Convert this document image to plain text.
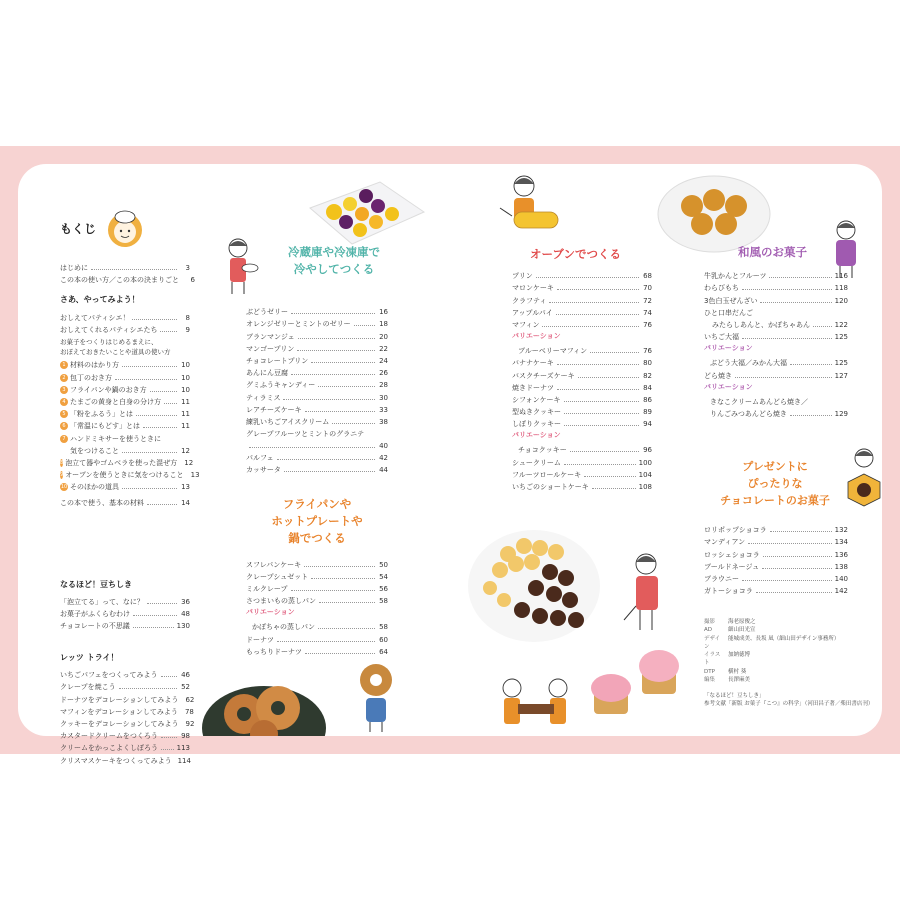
もくじ
はじめに	3
この本の使い方／この本の決まりごと	6
さあ、やってみよう！
おしえてパティシエ！	8
おしえてくれるパティシエたち	9
お菓子をつくりはじめるまえに、
おぼえておきたいことや道具の使い方
1 材料のはかり方	10
2 包丁のおき方	10
3 フライパンや鍋のおき方	10
4 たまごの黄身と白身の分け方	11
5 「粉をふるう」とは	11
6 「常温にもどす」とは	11
7 ハンドミキサーを使うときに
気をつけること	12
8 泡立て器やゴムベラを使った混ぜ方 12
9 オーブンを使うときに気をつけること 13
10 そのほかの道具	13
この本で使う、基本の材料	14
なるほど！豆ちしき
「泡立てる」って、なに？	36
お菓子がふくらむわけ	48
チョコレートの不思議	130
レッツ トライ！
いちごパフェをつくってみよう	46
クレープを焼こう	52
ドーナツをデコレーションしてみよう 62
マフィンをデコレーションしてみよう 78
クッキーをデコレーションしてみよう 92
カスタードクリームをつくろう	98
クリームをかっこよくしぼろう	113
クリスマスケーキをつくってみよう 114
冷蔵庫や冷凍庫で
冷やしてつくる
ぶどうゼリー	16
オレンジゼリーとミントのゼリー	18
ブランマンジェ	20
マンゴープリン	22
チョコレートプリン	24
あんにん豆腐	26
グミふうキャンディー	28
ティラミス	30
レアチーズケーキ	33
練乳いちごアイスクリーム	38
グレープフルーツとミントのグラニテ
40
パルフェ	42
カッサータ	44
フライパンや
ホットプレートや
鍋でつくる
スフレパンケーキ	50
クレープシュゼット	54
ミルクレープ	56
さつまいもの蒸しパン	58
バリエーション
かぼちゃの蒸しパン	58
ドーナツ	60
もっちりドーナツ	64
オーブンでつくる
プリン	68
マロンケーキ	70
クラフティ	72
アップルパイ	74
マフィン	76
バリエーション
ブルーベリーマフィン	76
バナナケーキ	80
バスクチーズケーキ	82
焼きドーナツ	84
シフォンケーキ	86
型ぬきクッキー	89
しぼりクッキー	94
バリエーション
チョコクッキー	96
シュークリーム	100
フルーツロールケーキ	104
いちごのショートケーキ	108
和風のお菓子
牛乳かんとフルーツ	116
わらびもち	118
3色白玉ぜんざい	120
ひと口串だんご
みたらしあんと、かぼちゃあん	122
いちご大福	125
バリエーション
ぶどう大福／みかん大福	125
どら焼き	127
バリエーション
きなこクリームあんどら焼き／
りんごみつあんどら焼き	129
プレゼントに
ぴったりな
チョコレートのお菓子
ロリポップショコラ	132
マンディアン	134
ロッシェショコラ	136
ブールドネージュ	138
ブラウニー	140
ガトーショコラ	142
撮影	海老原俊之
AD	細山田光宣
デザイン
能城成美、長坂 凪（細山田デザイン事務所）
イラスト
加納徳博
DTP	横村 葵
編集	長澤麻美
「なるほど！豆ちしき」
参考文献「新版 お菓子『こつ』の科学」（河田昌子著／柴田書店刊）
